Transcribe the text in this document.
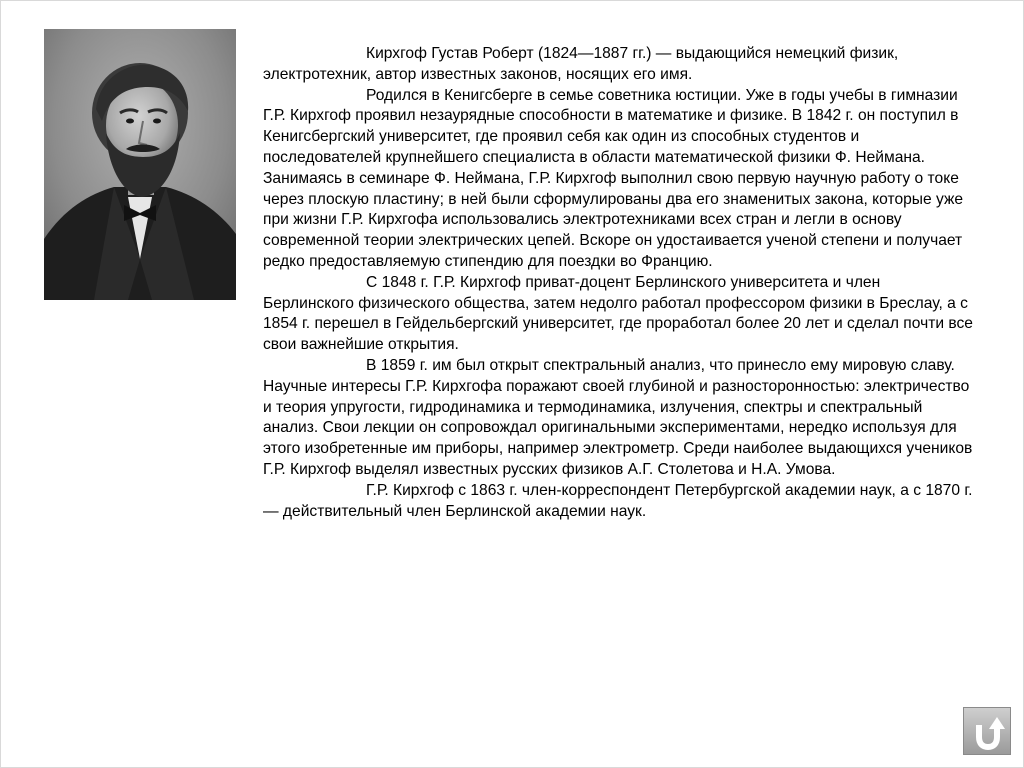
Кирхгоф Густав Роберт (1824—1887 гг.) — выдающийся немецкий физик, электротехник, автор известных законов, носящих его имя.

Родился в Кенигсберге в семье советника юстиции. Уже в годы учебы в гимназии Г.Р. Кирхгоф проявил незаурядные способности в математике и физике. В 1842 г. он поступил в Кенигсбергский университет, где проявил себя как один из способных студентов и последователей крупнейшего специалиста в области математической физики Ф. Неймана. Занимаясь в семинаре Ф. Неймана, Г.Р. Кирхгоф выполнил свою первую научную работу о токе через плоскую пластину; в ней были сформулированы два его знаменитых закона, которые уже при жизни Г.Р. Кирхгофа использовались электротехниками всех стран и легли в основу современной теории электрических цепей. Вскоре он удостаивается ученой степени и получает редко предоставляемую стипендию для поездки во Францию.

С 1848 г. Г.Р. Кирхгоф приват-доцент Берлинского университета и член Берлинского физического общества, затем недолго работал профессором физики в Бреслау, а с 1854 г. перешел в Гейдельбергский университет, где проработал более 20 лет и сделал почти все свои важнейшие открытия.

В 1859 г. им был открыт спектральный анализ, что принесло ему мировую славу. Научные интересы Г.Р. Кирхгофа поражают своей глубиной и разносторонностью: электричество и теория упругости, гидродинамика и термодинамика, излучения, спектры и спектральный анализ. Свои лекции он сопровождал оригинальными экспериментами, нередко используя для этого изобретенные им приборы, например электрометр. Среди наиболее выдающихся учеников Г.Р. Кирхгоф выделял известных русских физиков А.Г. Столетова и Н.А. Умова.

Г.Р. Кирхгоф с 1863 г. член-корреспондент Петербургской академии наук, а с 1870 г. — действительный член Берлинской академии наук.
